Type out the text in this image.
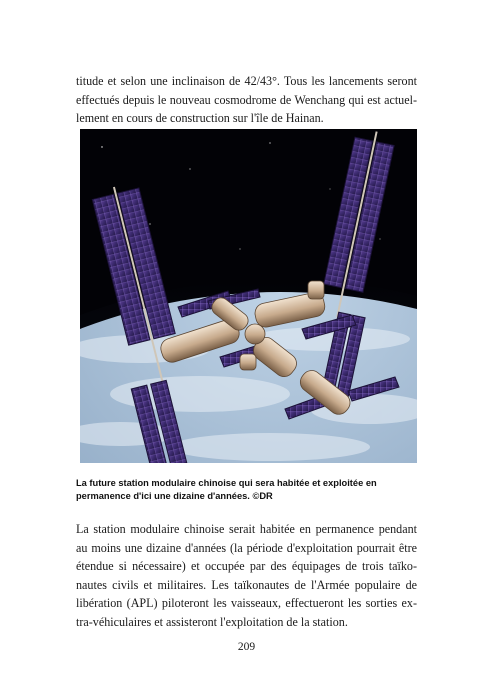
titude et selon une inclinaison de 42/43°. Tous les lancements seront effectués depuis le nouveau cosmodrome de Wenchang qui est actuellement en cours de construction sur l'île de Hainan.

La future station modulaire chinoise qui sera habitée et exploitée en permanence d'ici une dizaine d'années. ©DR

La station modulaire chinoise serait habitée en permanence pendant au moins une dizaine d'années (la période d'exploitation pourrait être étendue si nécessaire) et occupée par des équipages de trois taïkonautes civils et militaires. Les taïkonautes de l'Armée populaire de libération (APL) piloteront les vaisseaux, effectueront les sorties extra-véhiculaires et assisteront l'exploitation de la station.

209
